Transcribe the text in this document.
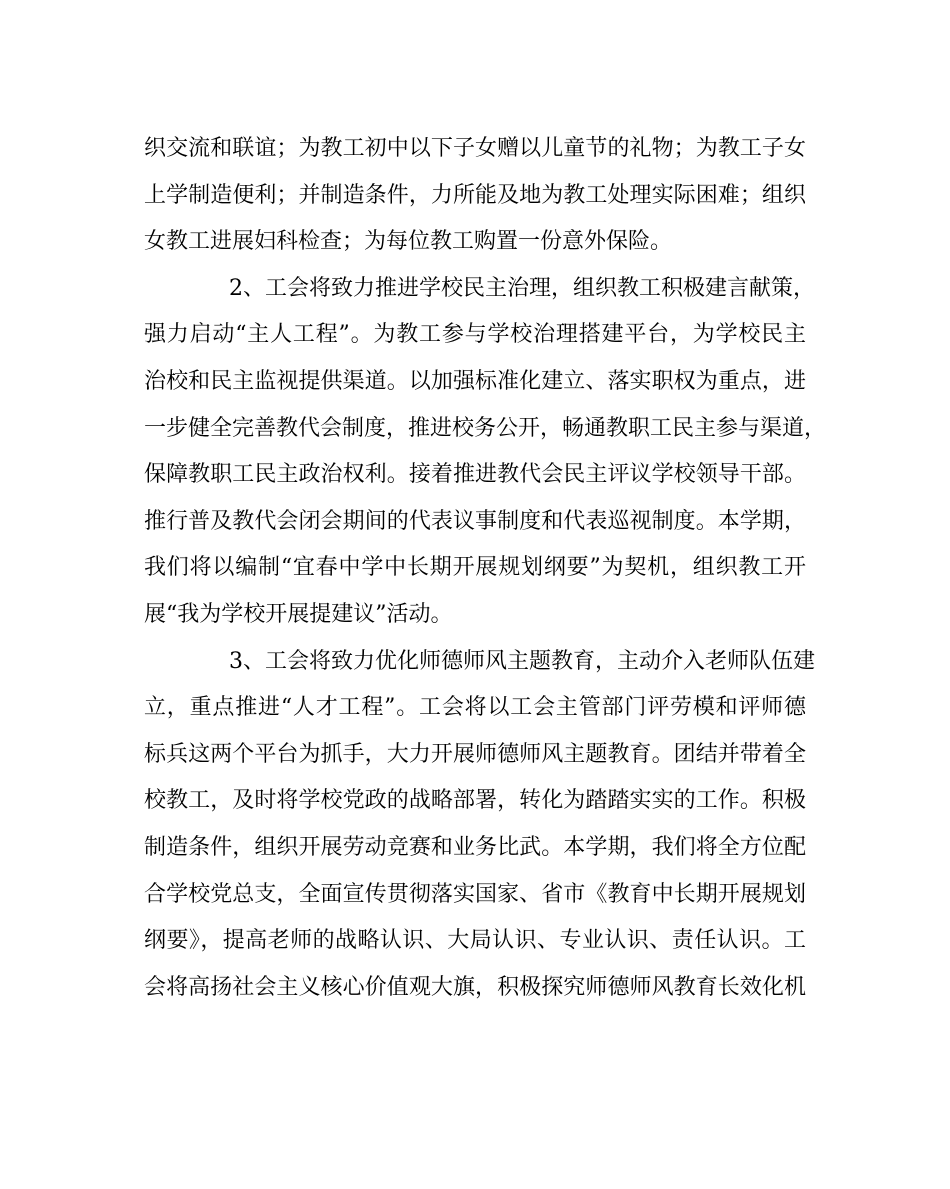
织交流和联谊；为教工初中以下子女赠以儿童节的礼物；为教工子女
上学制造便利；并制造条件，力所能及地为教工处理实际困难；组织
女教工进展妇科检查；为每位教工购置一份意外保险。
2、工会将致力推进学校民主治理，组织教工积极建言献策，
强力启动“主人工程”。为教工参与学校治理搭建平台，为学校民主
治校和民主监视提供渠道。以加强标准化建立、落实职权为重点，进
一步健全完善教代会制度，推进校务公开，畅通教职工民主参与渠道，
保障教职工民主政治权利。接着推进教代会民主评议学校领导干部。
推行普及教代会闭会期间的代表议事制度和代表巡视制度。本学期，
我们将以编制“宜春中学中长期开展规划纲要”为契机，组织教工开
展“我为学校开展提建议”活动。
3、工会将致力优化师德师风主题教育，主动介入老师队伍建
立，重点推进“人才工程”。工会将以工会主管部门评劳模和评师德
标兵这两个平台为抓手，大力开展师德师风主题教育。团结并带着全
校教工，及时将学校党政的战略部署，转化为踏踏实实的工作。积极
制造条件，组织开展劳动竞赛和业务比武。本学期，我们将全方位配
合学校党总支，全面宣传贯彻落实国家、省市《教育中长期开展规划
纲要》，提高老师的战略认识、大局认识、专业认识、责任认识。工
会将高扬社会主义核心价值观大旗，积极探究师德师风教育长效化机
